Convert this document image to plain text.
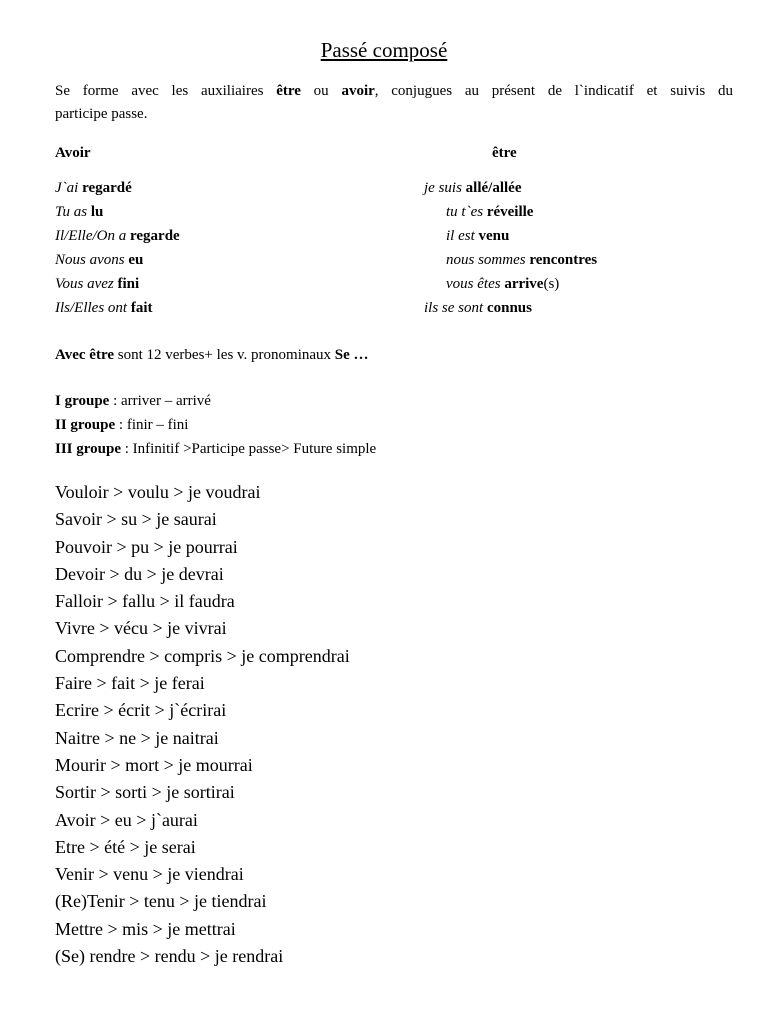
Passé composé
Se forme avec les auxiliaires être ou avoir, conjugues au présent de l`indicatif et suivis du
participe passe.
Avoir	être
J`ai regardé
Tu as lu
Il/Elle/On a regarde
Nous avons eu
Vous avez fini
Ils/Elles ont fait
je suis allé/allée
tu t`es réveille
il est venu
nous sommes rencontres
vous êtes arrive(s)
ils se sont connus
Avec être sont 12 verbes+ les v. pronominaux Se …
I groupe : arriver – arrivé
II groupe : finir – fini
III groupe : Infinitif >Participe passe> Future simple
Vouloir > voulu > je voudrai
Savoir > su > je saurai
Pouvoir > pu > je pourrai
Devoir > du > je devrai
Falloir > fallu > il faudra
Vivre > vécu > je vivrai
Comprendre > compris > je comprendrai
Faire > fait > je ferai
Ecrire > écrit > j`écrirai
Naitre > ne > je naitrai
Mourir > mort > je mourrai
Sortir > sorti > je sortirai
Avoir > eu > j`aurai
Etre > été > je serai
Venir > venu > je viendrai
(Re)Tenir > tenu > je tiendrai
Mettre > mis > je mettrai
(Se) rendre > rendu > je rendrai
